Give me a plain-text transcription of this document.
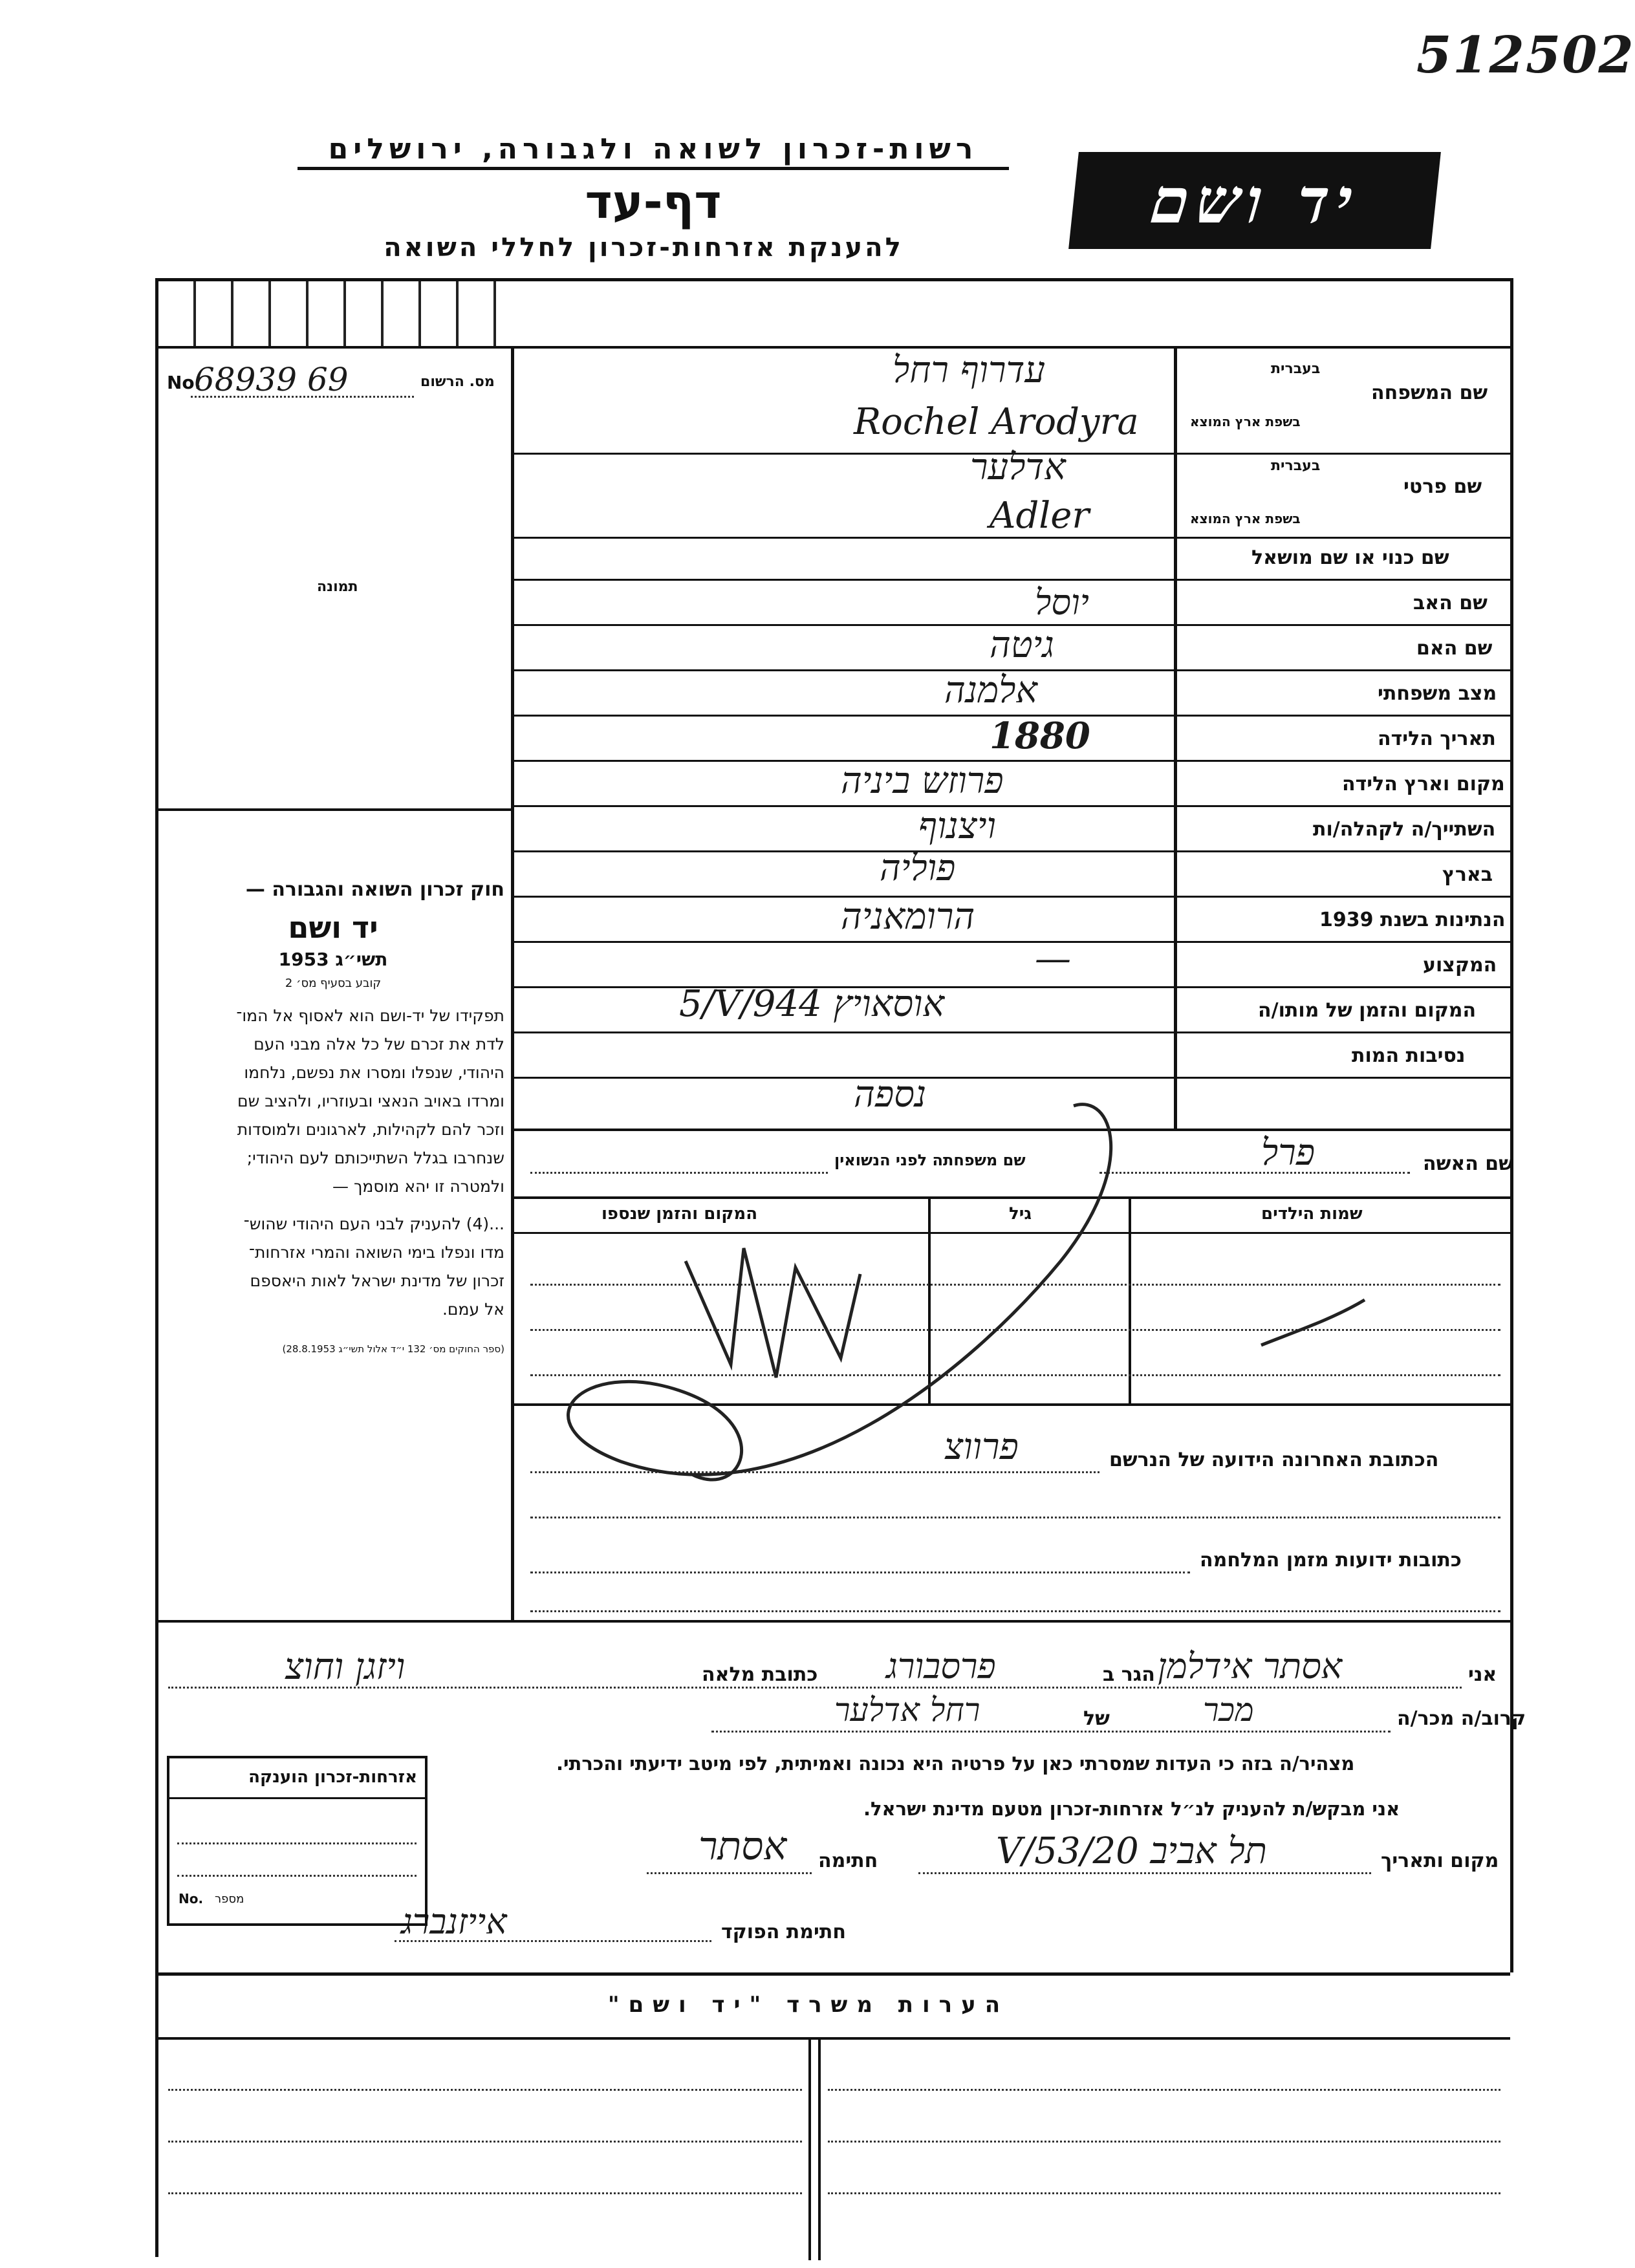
512502
רשות-זכרון לשואה ולגבורה, ירושלים
דף-עד
להענקת אזרחות-זכרון לחללי השואה
יד ושם
מס. הרשום
No.
68939 69
תמונה
חוק זכרון השואה והגבורה —
יד ושם
תשי״ג 1953
קובע בסעיף מס׳ 2
תפקידו של יד-ושם הוא לאסוף אל המו־
לדת את זכרם של כל אלה מבני העם
היהודי, שנפלו ומסרו את נפשם, נלחמו
ומרדו באויב הנאצי ובעוזריו, ולהציב שם
וזכר להם לקהילות, לארגונים ולמוסדות
שנחרבו בגלל השתייכותם לעם היהודי;
ולמטרה זו יהא מוסמך —
...(4) להעניק לבני העם היהודי שהוש־
מדו ונפלו בימי השואה והמרי אזרחות־
זכרון של מדינת ישראל לאות היאספם
אל עמם.
(ספר החוקים מס׳ 132 י״ד אלול תשי״ג 28.8.1953)
בעברית
בשפת ארץ המוצא
שם המשפחה
עדרוף רחל
Rochel Arodyra
בעברית
בשפת ארץ המוצא
שם פרטי
אדלער
Adler
שם כנוי או שם מושאל
שם האב
יוסל
שם האם
גיטה
מצב משפחתי
אלמנה
תאריך הלידה
1880
מקום וארץ הלידה
פרוזש ביניה
השתייך/ה לקהלה/ות
ויצנוף
בארץ
פוליה
הנתינות בשנת 1939
הרומאניה
המקצוע
—
המקום והזמן של מותו/ה
5/V/944 אוסאויץ
נסיבות המות
נספה
שם האשה
פרל
שם משפחתה לפני הנשואין
שמות הילדים
גיל
המקום והזמן שנספו
הכתובת האחרונה הידועה של הנרשם
פרווצ
כתובות ידועות מזמן המלחמה
אני
אסתר אידלמן
הגר ב
פרסבורג
כתובת מלאה
ויזגן וחוצ
קרוב/ה מכר/ה
מכר
של
רחל אדלער
מצהיר/ה בזה כי העדות שמסרתי כאן על פרטיה היא נכונה ואמיתית, לפי מיטב ידיעתי והכרתי.
אני מבקש/ת להעניק לנ״ל אזרחות-זכרון מטעם מדינת ישראל.
מקום ותאריך
תל אביב 20/V/53
חתימה
אסתר
חתימת הפוקד
אייזנברג
אזרחות-זכרון הוענקה
No. מספר
הערות משרד "יד ושם"
